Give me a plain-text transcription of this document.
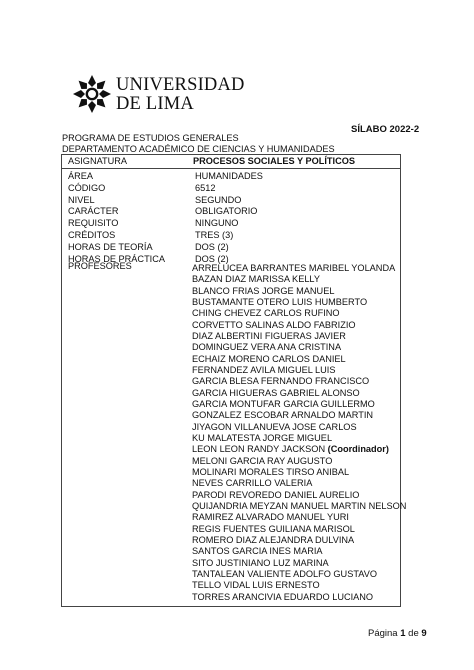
UNIVERSIDAD
DE LIMA
SÍLABO 2022-2
PROGRAMA DE ESTUDIOS GENERALES
DEPARTAMENTO ACADÉMICO DE CIENCIAS Y HUMANIDADES
ASIGNATURA	PROCESOS SOCIALES Y POLÍTICOS
ÁREA	HUMANIDADES
CÓDIGO	6512
NIVEL	SEGUNDO
CARÁCTER	OBLIGATORIO
REQUISITO	NINGUNO
CRÉDITOS	TRES (3)
HORAS DE TEORÍA	DOS (2)
HORAS DE PRÁCTICA	DOS (2)
PROFESORES	ARRELUCEA BARRANTES MARIBEL YOLANDA
BAZAN DIAZ MARISSA KELLY
BLANCO FRIAS JORGE MANUEL
BUSTAMANTE OTERO LUIS HUMBERTO
CHING CHEVEZ CARLOS RUFINO
CORVETTO SALINAS ALDO FABRIZIO
DIAZ ALBERTINI FIGUERAS JAVIER
DOMINGUEZ VERA ANA CRISTINA
ECHAIZ MORENO CARLOS DANIEL
FERNANDEZ AVILA MIGUEL LUIS
GARCIA BLESA FERNANDO FRANCISCO
GARCIA HIGUERAS GABRIEL ALONSO
GARCIA MONTUFAR GARCIA GUILLERMO
GONZALEZ ESCOBAR ARNALDO MARTIN
JIYAGON VILLANUEVA JOSE CARLOS
KU MALATESTA JORGE MIGUEL
LEON LEON RANDY JACKSON (Coordinador)
MELONI GARCIA RAY AUGUSTO
MOLINARI MORALES TIRSO ANIBAL
NEVES CARRILLO VALERIA
PARODI REVOREDO DANIEL AURELIO
QUIJANDRIA MEYZAN MANUEL MARTIN NELSON
RAMIREZ ALVARADO MANUEL YURI
REGIS FUENTES GUILIANA MARISOL
ROMERO DIAZ ALEJANDRA DULVINA
SANTOS GARCIA INES MARIA
SITO JUSTINIANO LUZ MARINA
TANTALEAN VALIENTE ADOLFO GUSTAVO
TELLO VIDAL LUIS ERNESTO
TORRES ARANCIVIA EDUARDO LUCIANO
Página 1 de 9
